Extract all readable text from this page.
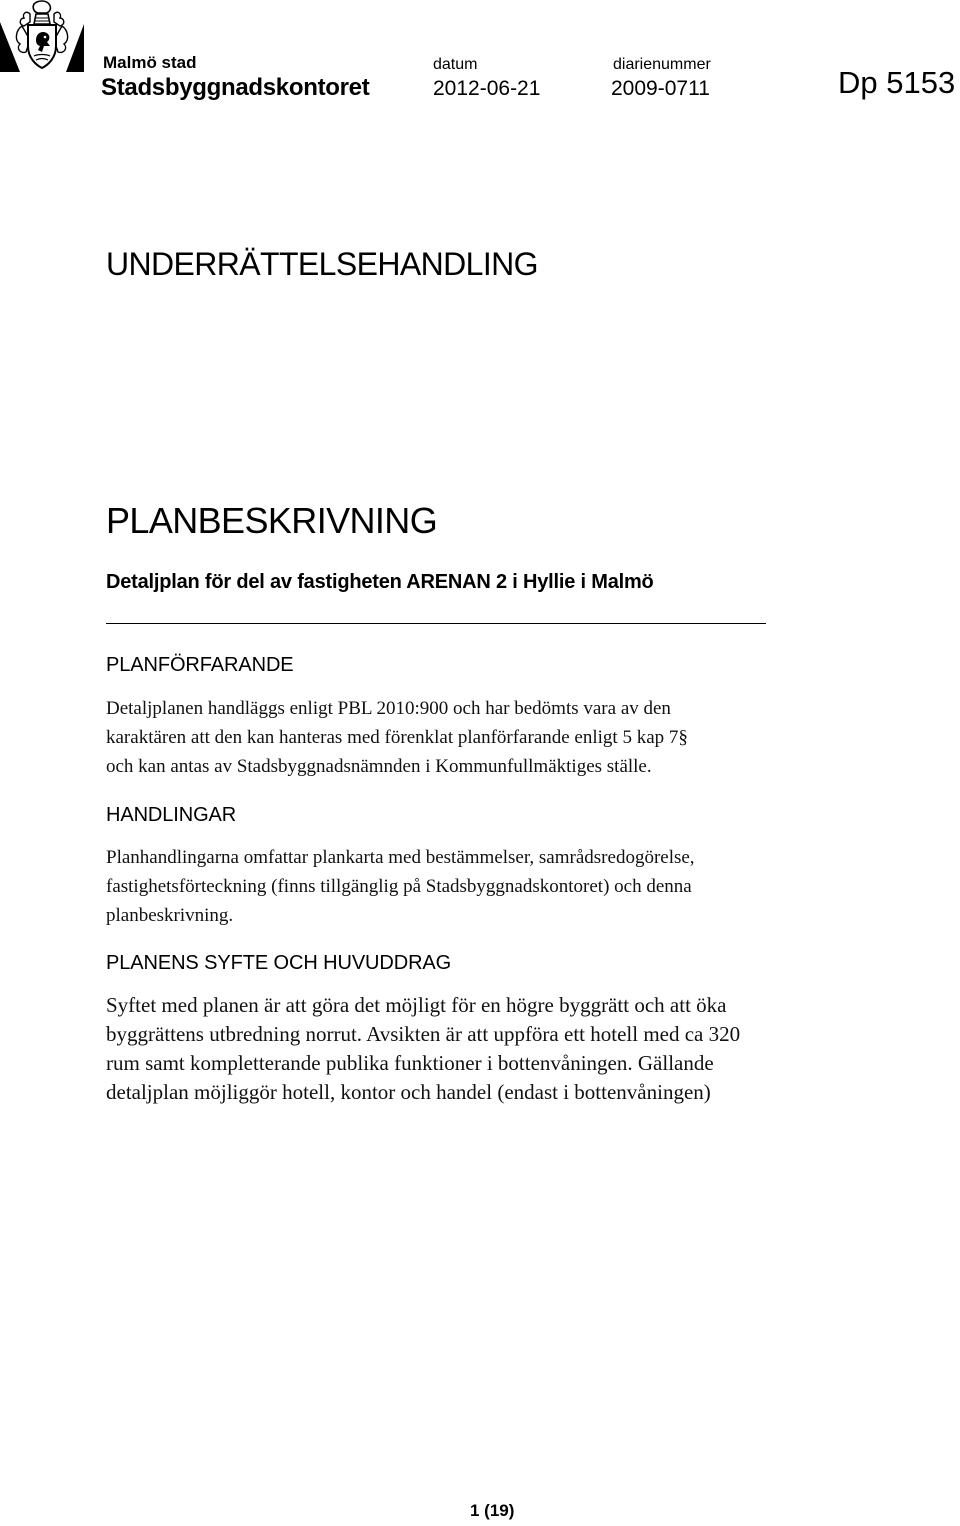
Malmö stad
Stadsbyggnadskontoret
datum
2012-06-21
diarienummer
2009-0711	Dp 5153
UNDERRÄTTELSEHANDLING
PLANBESKRIVNING
Detaljplan för del av fastigheten ARENAN 2 i Hyllie i Malmö
PLANFÖRFARANDE
Detaljplanen handläggs enligt PBL 2010:900 och har bedömts vara av den
karaktären att den kan hanteras med förenklat planförfarande enligt 5 kap 7§
och kan antas av Stadsbyggnadsnämnden i Kommunfullmäktiges ställe.
HANDLINGAR
Planhandlingarna omfattar plankarta med bestämmelser, samrådsredogörelse,
fastighetsförteckning (finns tillgänglig på Stadsbyggnadskontoret) och denna
planbeskrivning.
PLANENS SYFTE OCH HUVUDDRAG
Syftet med planen är att göra det möjligt för en högre byggrätt och att öka
byggrättens utbredning norrut. Avsikten är att uppföra ett hotell med ca 320
rum samt kompletterande publika funktioner i bottenvåningen. Gällande
detaljplan möjliggör hotell, kontor och handel (endast i bottenvåningen)
1 (19)
